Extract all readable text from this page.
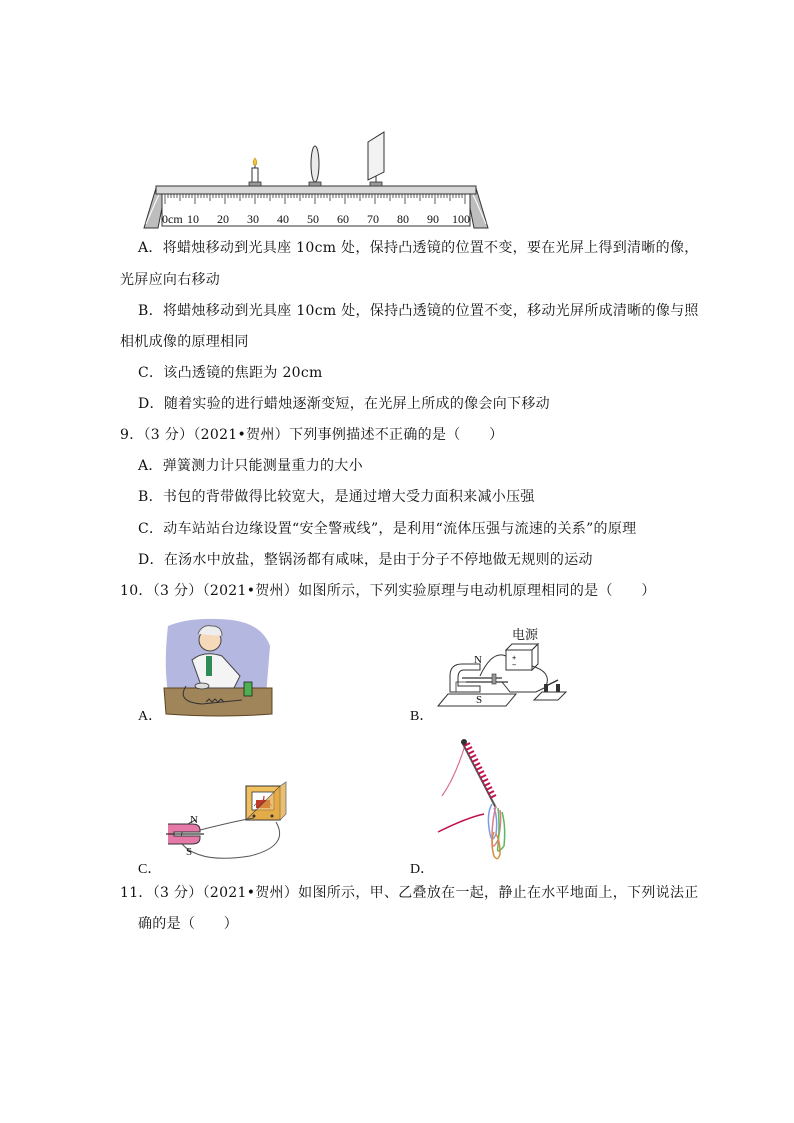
0cm 10 20 30 40 50 60 70 80 90 100
A．将蜡烛移动到光具座 10cm 处，保持凸透镜的位置不变，要在光屏上得到清晰的像，
光屏应向右移动
B．将蜡烛移动到光具座 10cm 处，保持凸透镜的位置不变，移动光屏所成清晰的像与照
相机成像的原理相同
C．该凸透镜的焦距为 20cm
D．随着实验的进行蜡烛逐渐变短，在光屏上所成的像会向下移动
9．（3 分）（2021•贺州）下列事例描述不正确的是（　　）
A．弹簧测力计只能测量重力的大小
B．书包的背带做得比较宽大，是通过增大受力面积来减小压强
C．动车站站台边缘设置“安全警戒线”，是利用“流体压强与流速的关系”的原理
D．在汤水中放盐，整锅汤都有咸味，是由于分子不停地做无规则的运动
10．（3 分）（2021•贺州）如图所示，下列实验原理与电动机原理相同的是（　　）
A．
+
−
电源
N
S
B．
N
S
C．	D．
11．（3 分）（2021•贺州）如图所示，甲、乙叠放在一起，静止在水平地面上，下列说法正
确的是（　　）
